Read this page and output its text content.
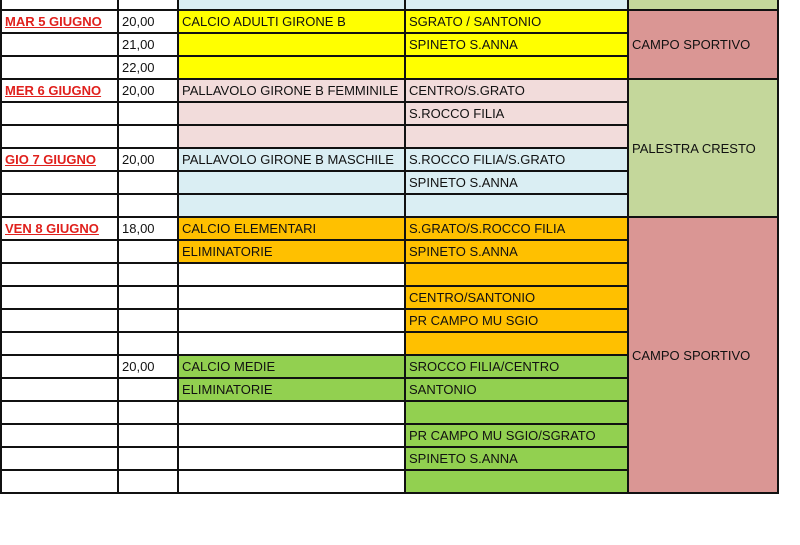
MAR 5 GIUGNO	20,00	CALCIO ADULTI GIRONE B	SGRATO / SANTONIO	CAMPO SPORTIVO
	21,00		SPINETO S.ANNA	
	22,00			
MER 6 GIUGNO	20,00	PALLAVOLO GIRONE B FEMMINILE	CENTRO/S.GRATO	PALESTRA CRESTO
			S.ROCCO FILIA	

GIO 7 GIUGNO	20,00	PALLAVOLO GIRONE B MASCHILE	S.ROCCO FILIA/S.GRATO	
			SPINETO S.ANNA	

VEN 8 GIUGNO	18,00	CALCIO ELEMENTARI	S.GRATO/S.ROCCO FILIA	CAMPO SPORTIVO
		ELIMINATORIE	SPINETO S.ANNA	

			CENTRO/SANTONIO	
			PR CAMPO MU SGIO	

	20,00	CALCIO MEDIE	SROCCO FILIA/CENTRO	
		ELIMINATORIE	SANTONIO	

			PR CAMPO MU SGIO/SGRATO	
			SPINETO S.ANNA	
